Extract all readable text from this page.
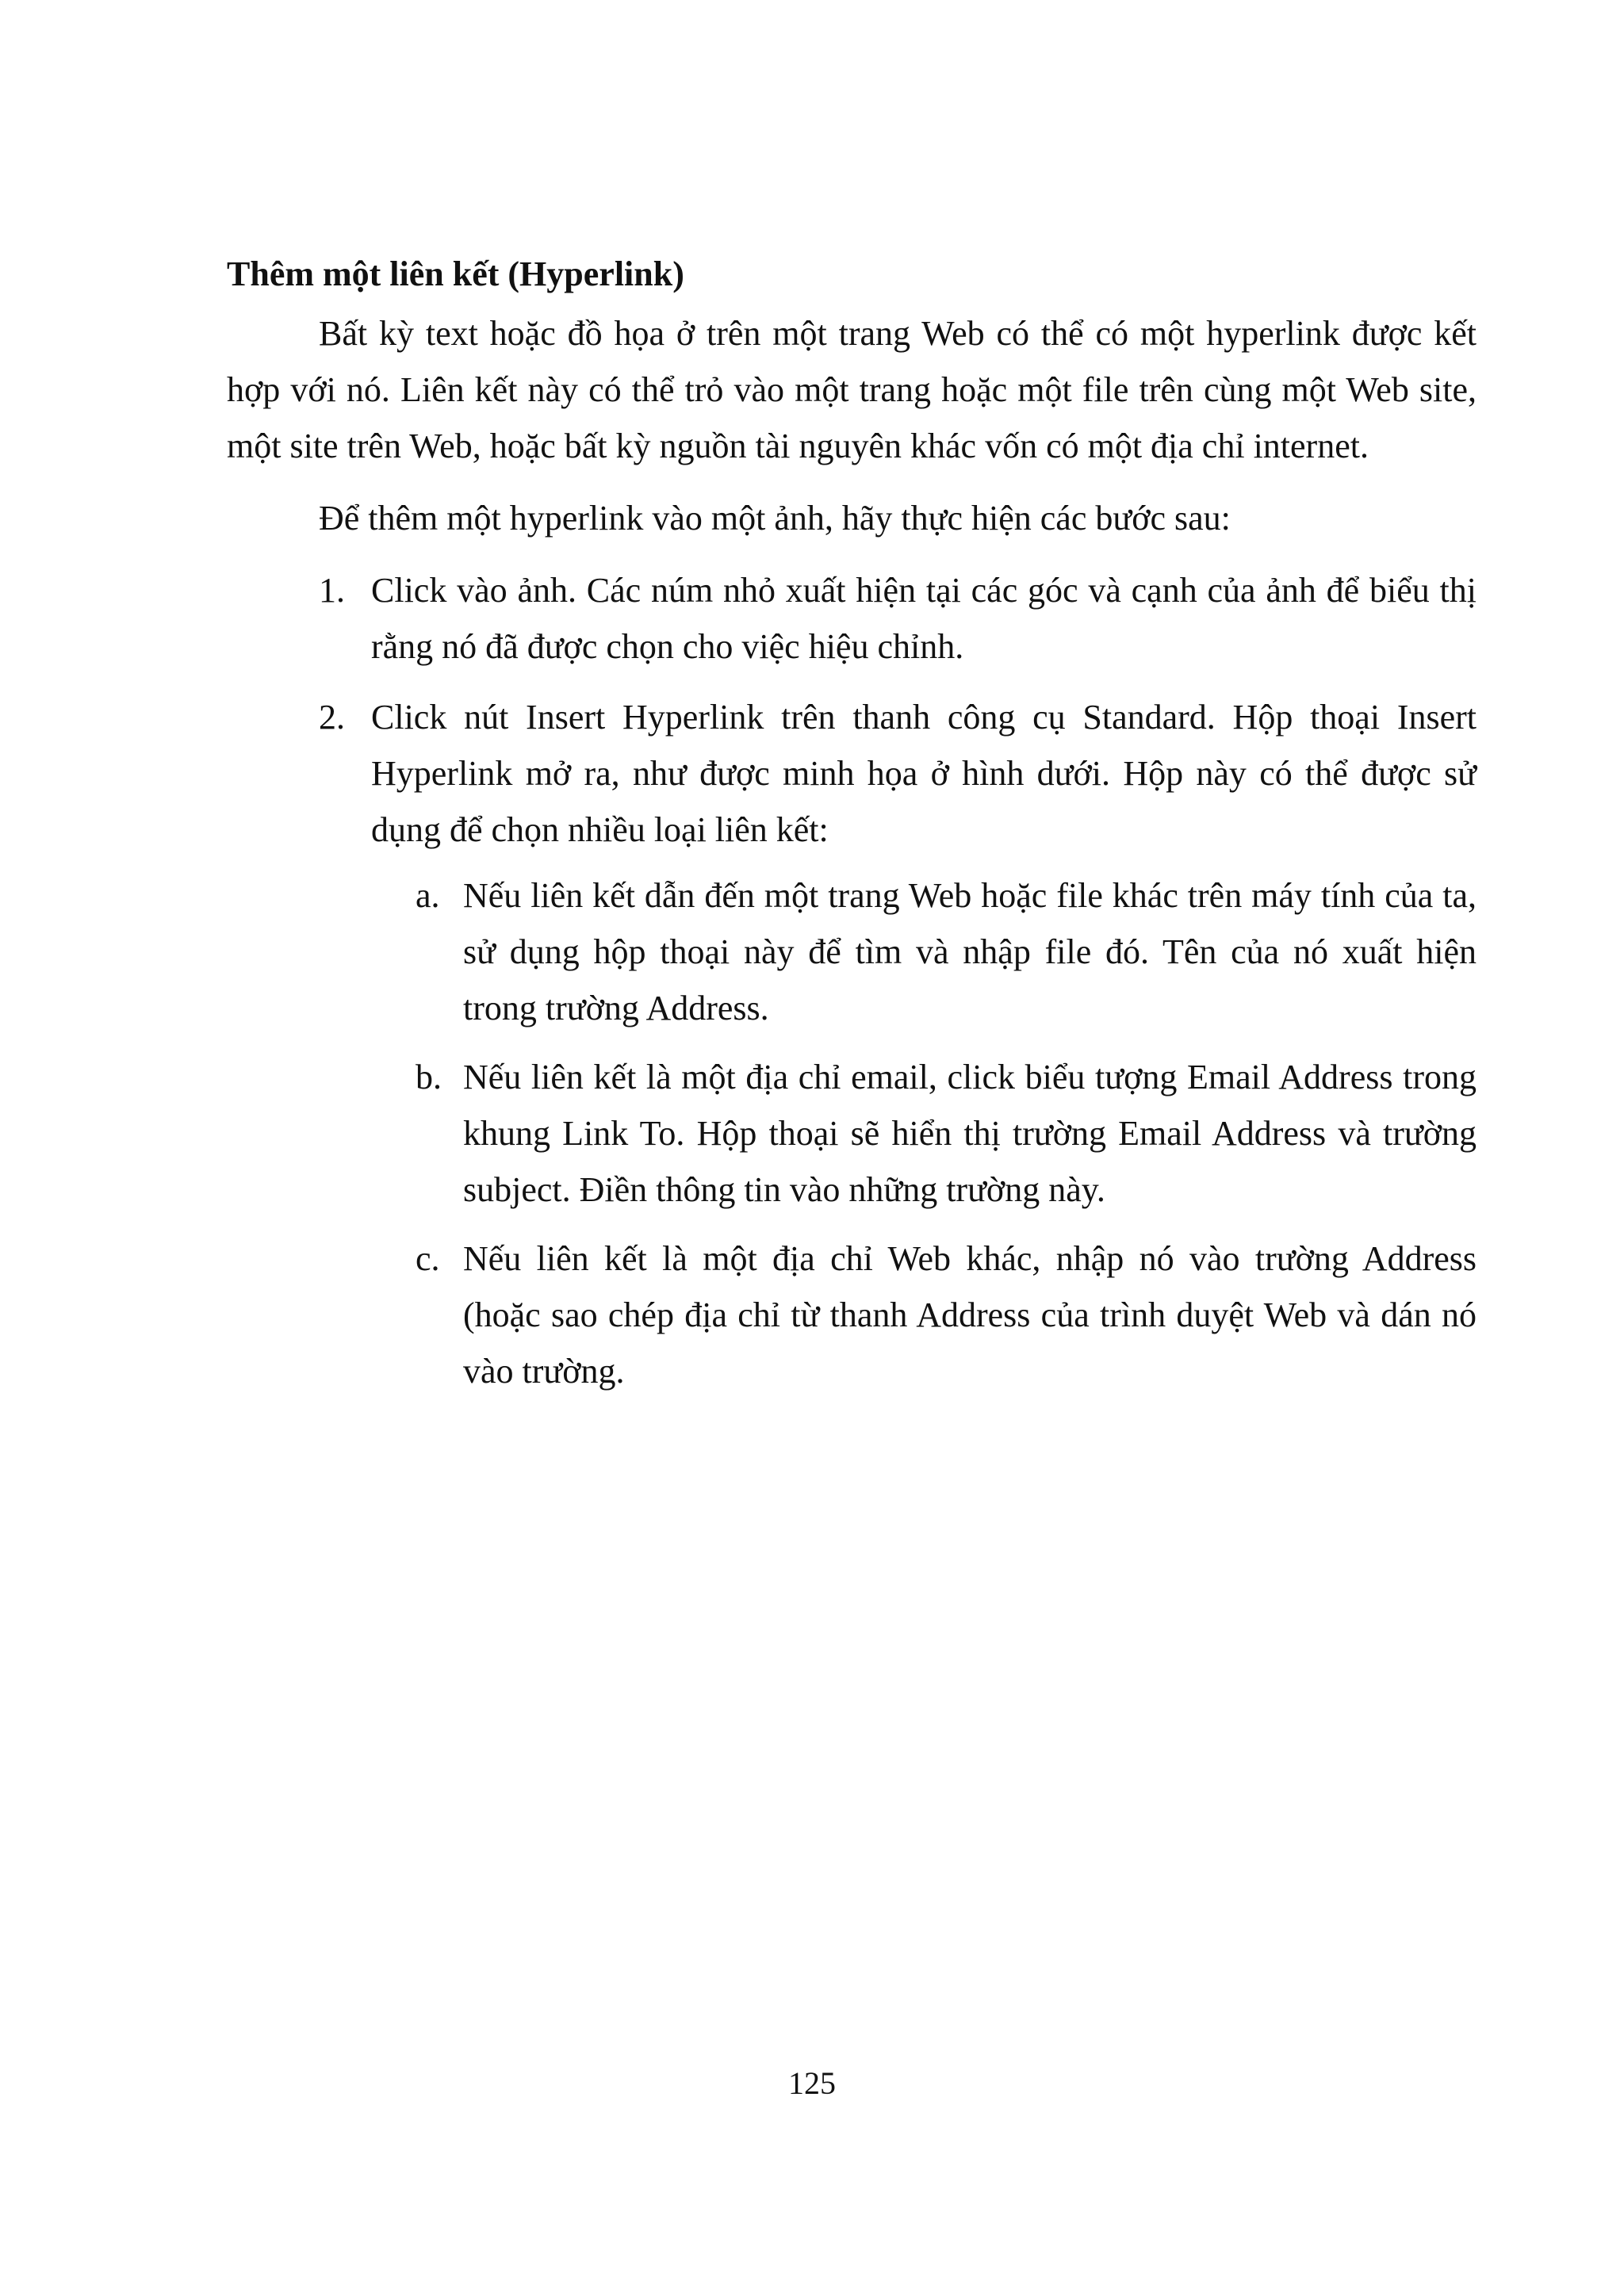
Thêm một liên kết (Hyperlink)

Bất kỳ text hoặc đồ họa ở trên một trang Web có thể có một hyperlink được kết hợp với nó. Liên kết này có thể trỏ vào một trang hoặc một file trên cùng một Web site, một site trên Web, hoặc bất kỳ nguồn tài nguyên khác vốn có một địa chỉ internet.

Để thêm một hyperlink vào một ảnh, hãy thực hiện các bước sau:

1. Click vào ảnh. Các núm nhỏ xuất hiện tại các góc và cạnh của ảnh để biểu thị rằng nó đã được chọn cho việc hiệu chỉnh.
2. Click nút Insert Hyperlink trên thanh công cụ Standard. Hộp thoại Insert Hyperlink mở ra, như được minh họa ở hình dưới. Hộp này có thể được sử dụng để chọn nhiều loại liên kết:
a. Nếu liên kết dẫn đến một trang Web hoặc file khác trên máy tính của ta, sử dụng hộp thoại này để tìm và nhập file đó. Tên của nó xuất hiện trong trường Address.
b. Nếu liên kết là một địa chỉ email, click biểu tượng Email Address trong khung Link To. Hộp thoại sẽ hiển thị trường Email Address và trường subject. Điền thông tin vào những trường này.
c. Nếu liên kết là một địa chỉ Web khác, nhập nó vào trường Address (hoặc sao chép địa chỉ từ thanh Address của trình duyệt Web và dán nó vào trường.
125
